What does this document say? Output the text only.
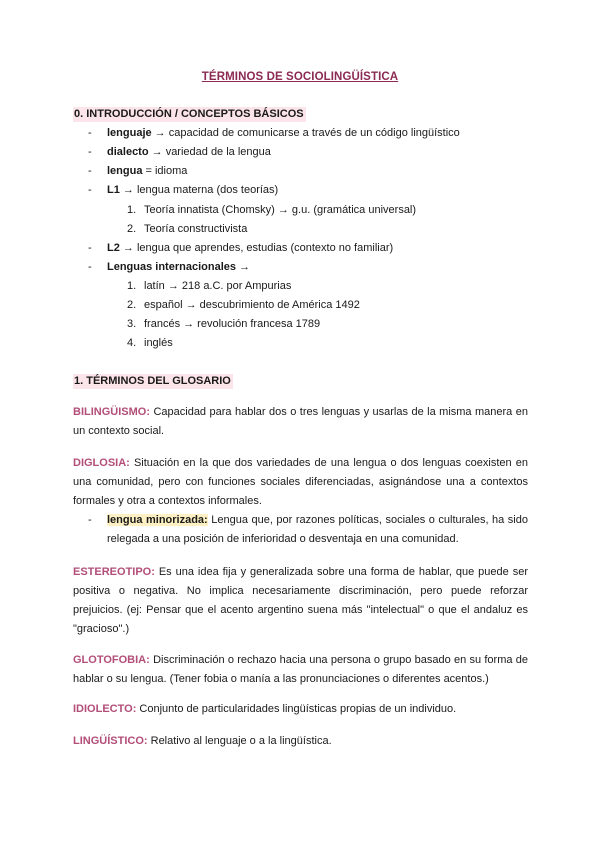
TÉRMINOS DE SOCIOLINGÜÍSTICA
0. INTRODUCCIÓN / CONCEPTOS BÁSICOS
- lenguaje → capacidad de comunicarse a través de un código lingüístico
- dialecto → variedad de la lengua
- lengua = idioma
- L1 → lengua materna (dos teorías)
1. Teoría innatista (Chomsky) → g.u. (gramática universal)
2. Teoría constructivista
- L2 → lengua que aprendes, estudias (contexto no familiar)
- Lenguas internacionales →
1. latín → 218 a.C. por Ampurias
2. español → descubrimiento de América 1492
3. francés → revolución francesa 1789
4. inglés
1. TÉRMINOS DEL GLOSARIO
BILINGÜISMO: Capacidad para hablar dos o tres lenguas y usarlas de la misma manera en un contexto social.
DIGLOSIA: Situación en la que dos variedades de una lengua o dos lenguas coexisten en una comunidad, pero con funciones sociales diferenciadas, asignándose una a contextos formales y otra a contextos informales.
- lengua minorizada: Lengua que, por razones políticas, sociales o culturales, ha sido relegada a una posición de inferioridad o desventaja en una comunidad.
ESTEREOTIPO: Es una idea fija y generalizada sobre una forma de hablar, que puede ser positiva o negativa. No implica necesariamente discriminación, pero puede reforzar prejuicios. (ej: Pensar que el acento argentino suena más "intelectual" o que el andaluz es "gracioso".)
GLOTOFOBIA: Discriminación o rechazo hacia una persona o grupo basado en su forma de hablar o su lengua. (Tener fobia o manía a las pronunciaciones o diferentes acentos.)
IDIOLECTO: Conjunto de particularidades lingüísticas propias de un individuo.
LINGÜÍSTICO: Relativo al lenguaje o a la lingüística.
